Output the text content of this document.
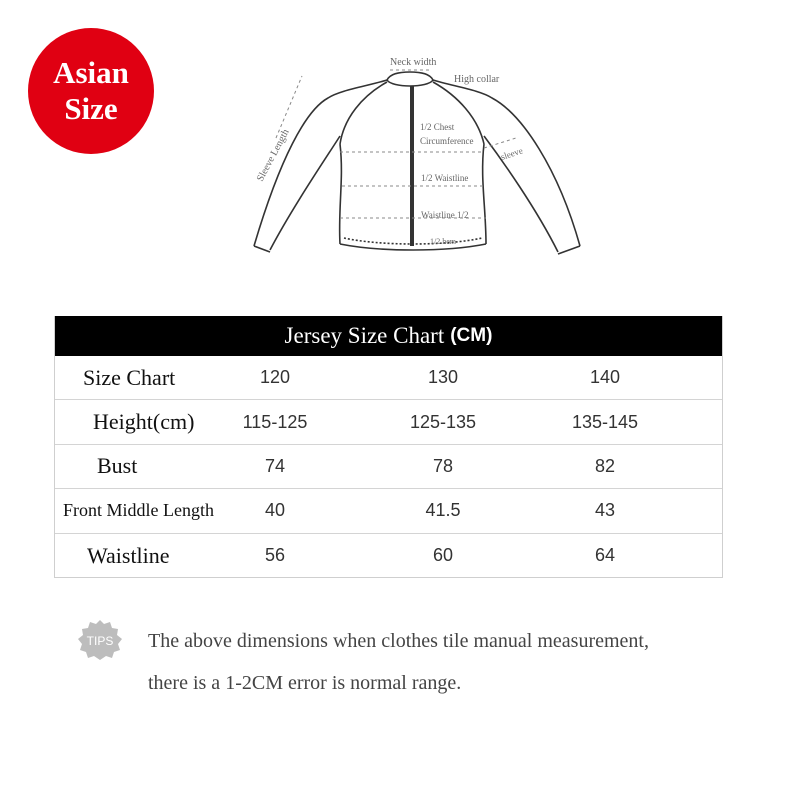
Asian
Size
Neck width
High collar
Sleeve Length
1/2 Chest
Circumference
sleeve
1/2 Waistline
Waistline 1/2
1/2 hem
Jersey Size Chart (CM)
Size Chart	120	130	140
Height(cm)	115-125	125-135	135-145
Bust	74	78	82
Front Middle Length	40	41.5	43
Waistline	56	60	64
TIPS The above dimensions when clothes tile manual measurement,
there is a 1-2CM error is normal range.
